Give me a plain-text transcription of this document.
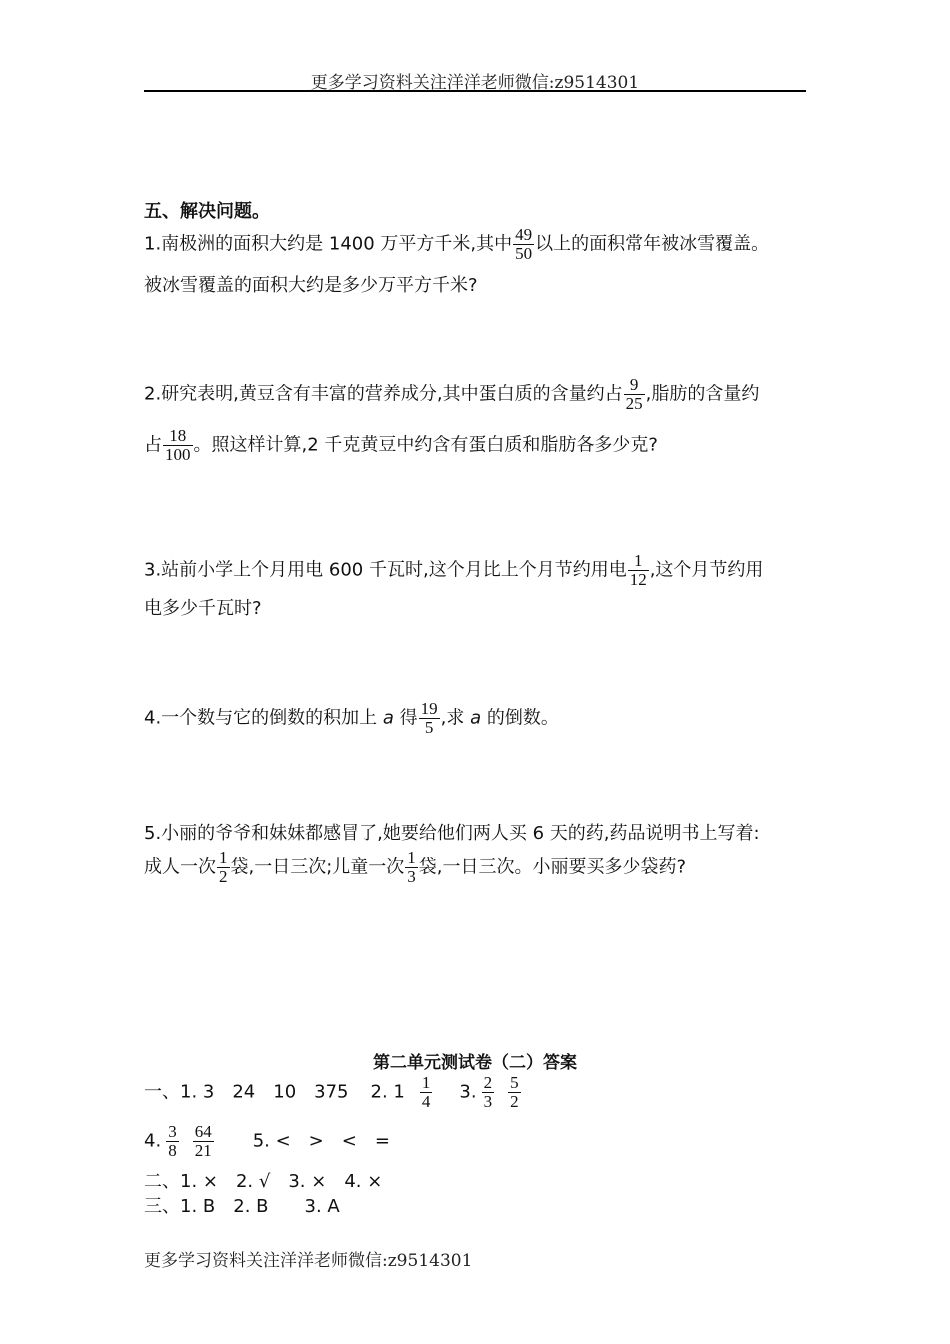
更多学习资料关注洋洋老师微信:z9514301
五、解决问题。
1.南极洲的面积大约是 1400 万平方千米,其中 $\frac{49}{50}$ 以上的面积常年被冰雪覆盖。
被冰雪覆盖的面积大约是多少万平方千米?
2.研究表明,黄豆含有丰富的营养成分,其中蛋白质的含量约占 $\frac{9}{25}$ ,脂肪的含量约
占 $\frac{18}{100}$ 。照这样计算,2 千克黄豆中约含有蛋白质和脂肪各多少克?
3.站前小学上个月用电 600 千瓦时,这个月比上个月节约用电 $\frac{1}{12}$ ,这个月节约用
电多少千瓦时?
4.一个数与它的倒数的积加上 a 得 $\frac{19}{5}$ ,求 a 的倒数。
5.小丽的爷爷和妹妹都感冒了,她要给他们两人买 6 天的药,药品说明书上写着:
成人一次 $\frac{1}{2}$ 袋,一日三次;儿童一次 $\frac{1}{3}$ 袋,一日三次。小丽要买多少袋药?
第二单元测试卷（二）答案
一、1. 3　24　10　375 2. $1 \frac{1}{4} 3$. $\frac{2}{3} \frac{5}{2}$
4. $\frac{3}{8} \frac{64}{21} 5$. <　>　<　=
二、1. ×　2. √　3. ×　4. ×
三、1. B　2. B　　3. A
更多学习资料关注洋洋老师微信:z9514301
